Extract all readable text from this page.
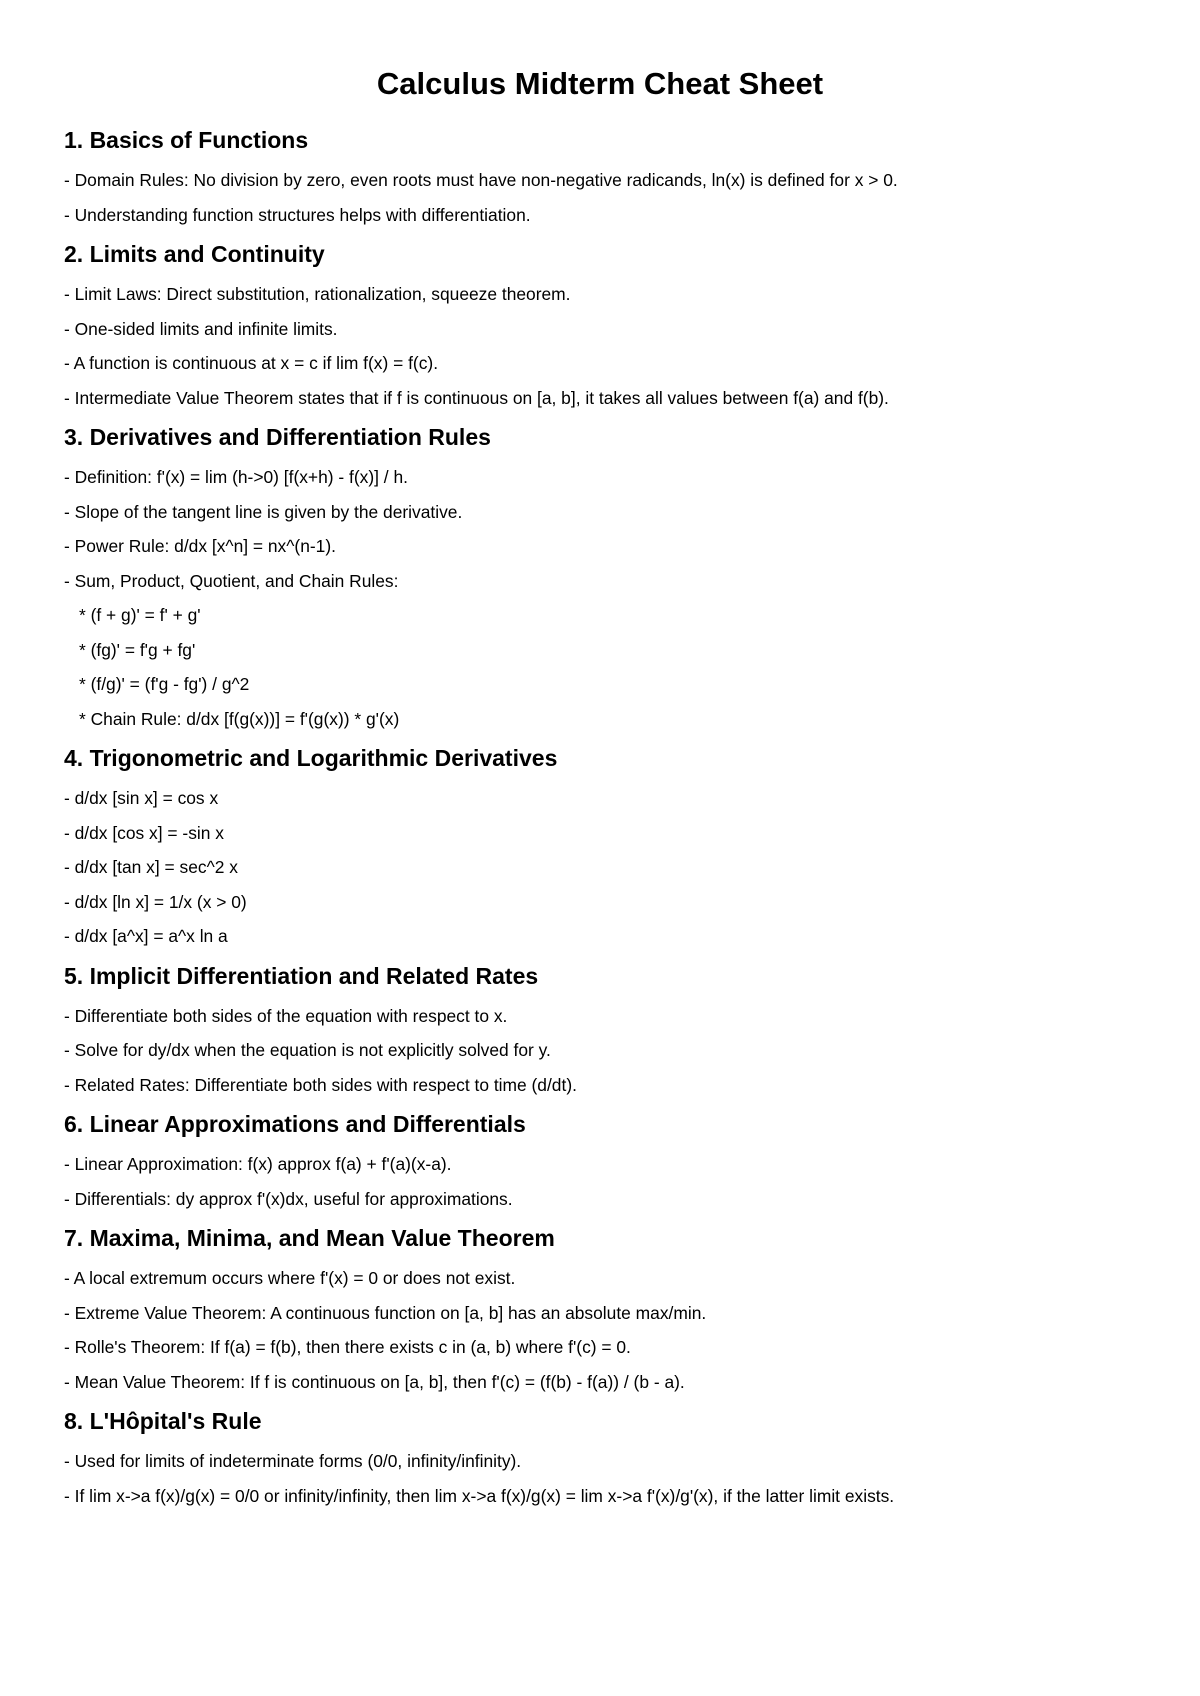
Calculus Midterm Cheat Sheet
1. Basics of Functions
- Domain Rules: No division by zero, even roots must have non-negative radicands, ln(x) is defined for x > 0.
- Understanding function structures helps with differentiation.
2. Limits and Continuity
- Limit Laws: Direct substitution, rationalization, squeeze theorem.
- One-sided limits and infinite limits.
- A function is continuous at x = c if lim f(x) = f(c).
- Intermediate Value Theorem states that if f is continuous on [a, b], it takes all values between f(a) and f(b).
3. Derivatives and Differentiation Rules
- Definition: f'(x) = lim (h->0) [f(x+h) - f(x)] / h.
- Slope of the tangent line is given by the derivative.
- Power Rule: d/dx [x^n] = nx^(n-1).
- Sum, Product, Quotient, and Chain Rules:
* (f + g)' = f' + g'
* (fg)' = f'g + fg'
* (f/g)' = (f'g - fg') / g^2
* Chain Rule: d/dx [f(g(x))] = f'(g(x)) * g'(x)
4. Trigonometric and Logarithmic Derivatives
- d/dx [sin x] = cos x
- d/dx [cos x] = -sin x
- d/dx [tan x] = sec^2 x
- d/dx [ln x] = 1/x (x > 0)
- d/dx [a^x] = a^x ln a
5. Implicit Differentiation and Related Rates
- Differentiate both sides of the equation with respect to x.
- Solve for dy/dx when the equation is not explicitly solved for y.
- Related Rates: Differentiate both sides with respect to time (d/dt).
6. Linear Approximations and Differentials
- Linear Approximation: f(x) approx f(a) + f'(a)(x-a).
- Differentials: dy approx f'(x)dx, useful for approximations.
7. Maxima, Minima, and Mean Value Theorem
- A local extremum occurs where f'(x) = 0 or does not exist.
- Extreme Value Theorem: A continuous function on [a, b] has an absolute max/min.
- Rolle's Theorem: If f(a) = f(b), then there exists c in (a, b) where f'(c) = 0.
- Mean Value Theorem: If f is continuous on [a, b], then f'(c) = (f(b) - f(a)) / (b - a).
8. L'Hôpital's Rule
- Used for limits of indeterminate forms (0/0, infinity/infinity).
- If lim x->a f(x)/g(x) = 0/0 or infinity/infinity, then lim x->a f(x)/g(x) = lim x->a f'(x)/g'(x), if the latter limit exists.
